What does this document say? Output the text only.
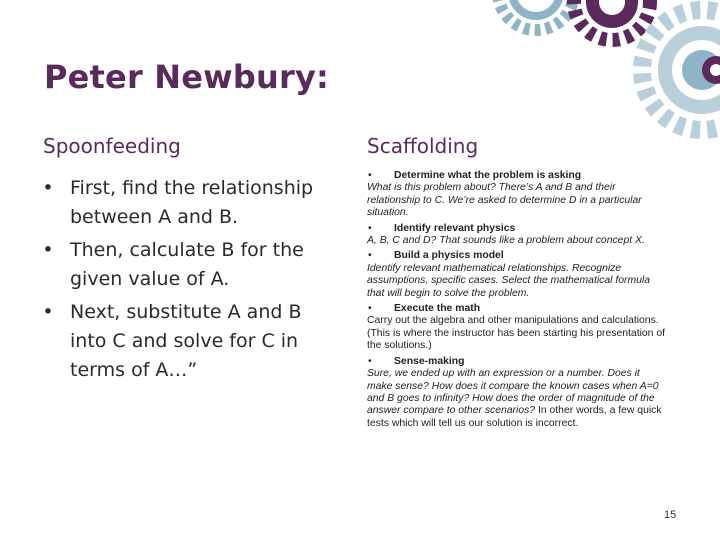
Peter Newbury:
Spoonfeeding	Scaffolding
• First, find the relationship between A and B.
• Then, calculate B for the given value of A.
• Next, substitute A and B into C and solve for C in terms of A…”
• Determine what the problem is asking
What is this problem about? There’s A and B and their relationship to C. We’re asked to determine D in a particular situation.
• Identify relevant physics
A, B, C and D? That sounds like a problem about concept X.
• Build a physics model
Identify relevant mathematical relationships. Recognize assumptions, specific cases. Select the mathematical formula that will begin to solve the problem.
• Execute the math
Carry out the algebra and other manipulations and calculations. (This is where the instructor has been starting his presentation of the solutions.)
• Sense-making
Sure, we ended up with an expression or a number. Does it make sense? How does it compare the known cases when A=0 and B goes to infinity? How does the order of magnitude of the answer compare to other scenarios? In other words, a few quick tests which will tell us our solution is incorrect.
15
